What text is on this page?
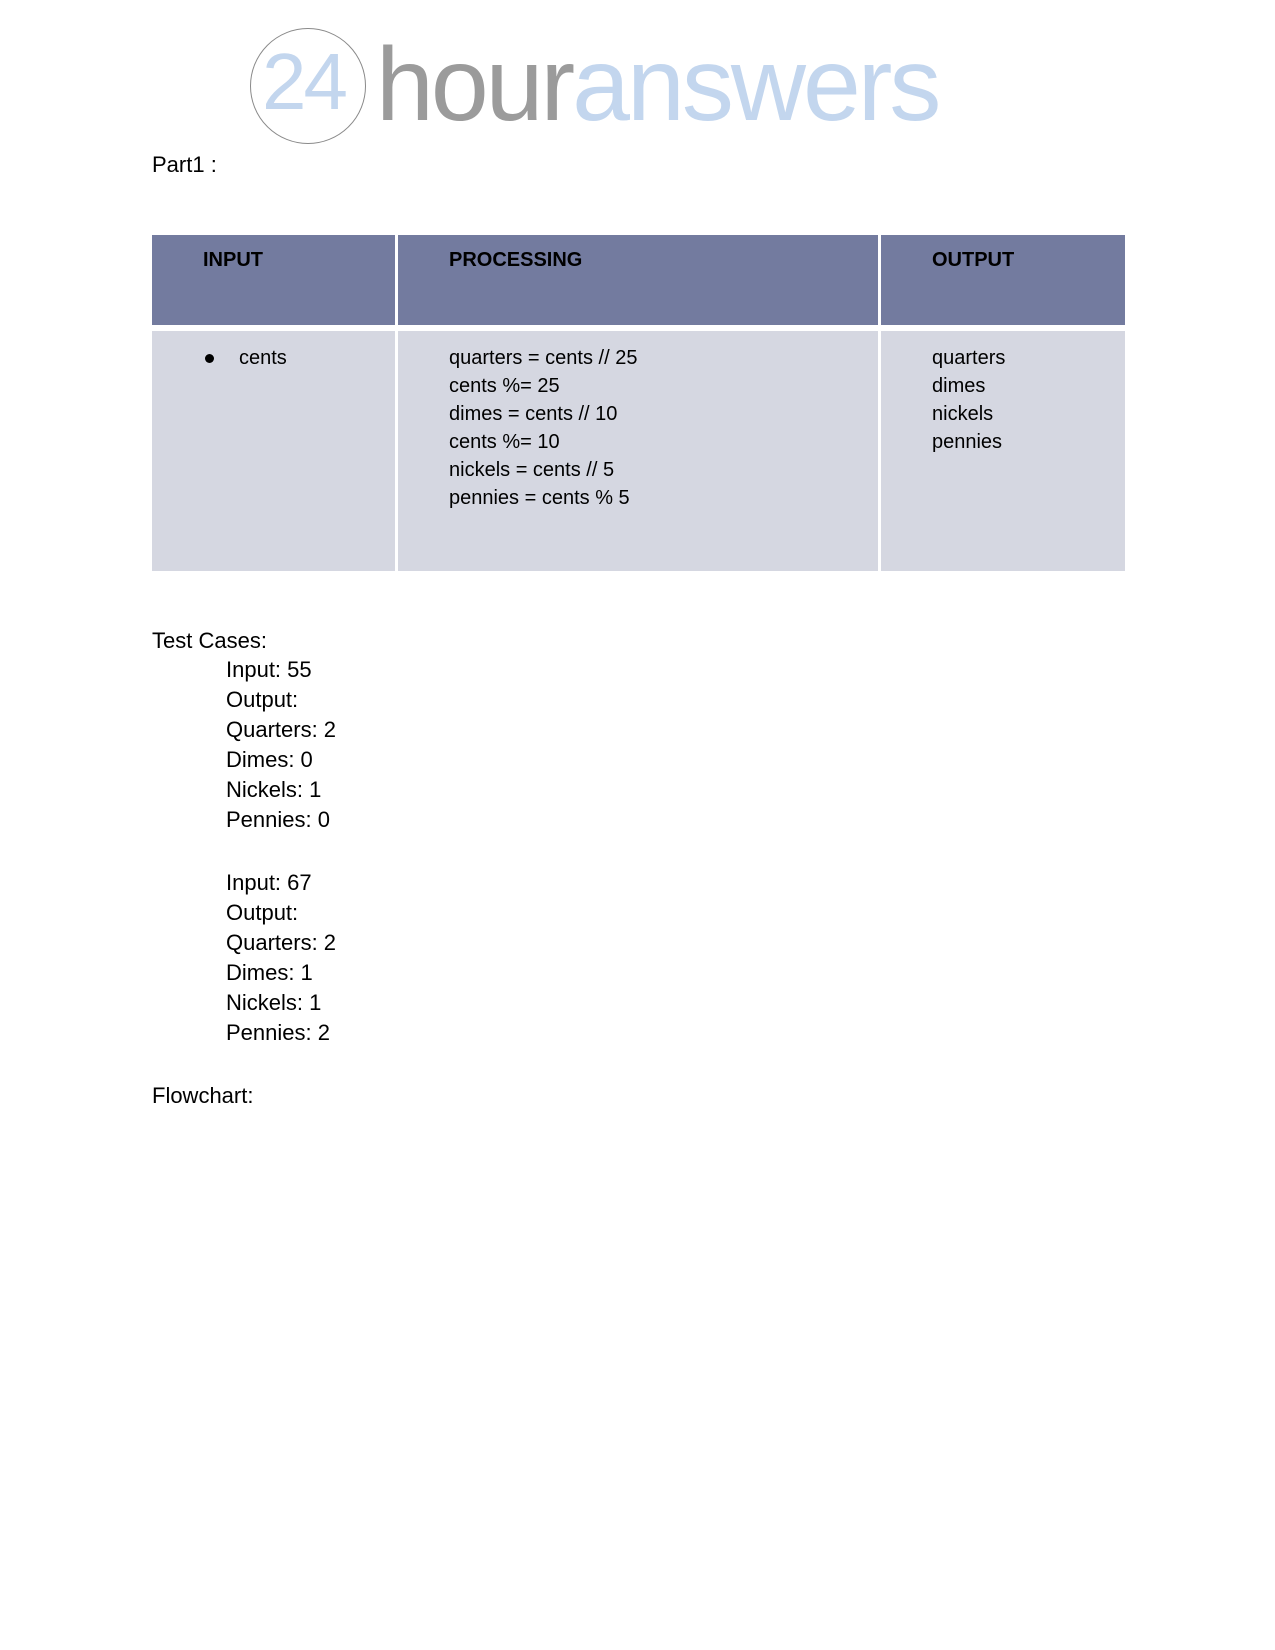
24 houranswers
Part1 :
INPUT
cents
PROCESSING
quarters = cents // 25
cents %= 25
dimes = cents // 10
cents %= 10
nickels = cents // 5
pennies = cents % 5
OUTPUT
quarters
dimes
nickels
pennies
Test Cases:
Input: 55
Output:
Quarters: 2
Dimes: 0
Nickels: 1
Pennies: 0
Input: 67
Output:
Quarters: 2
Dimes: 1
Nickels: 1
Pennies: 2
Flowchart:
